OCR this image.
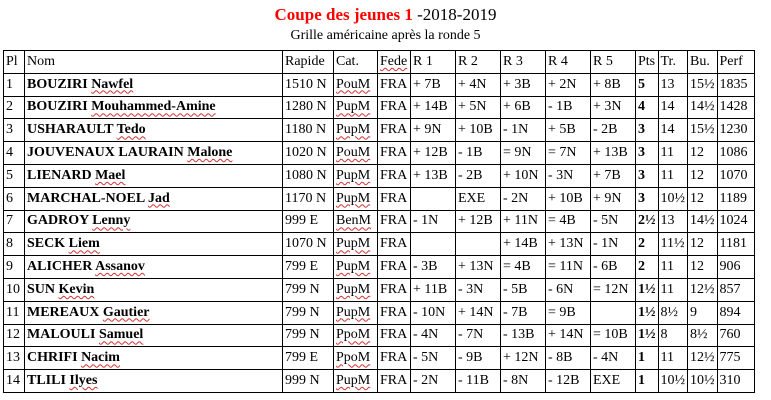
Coupe des jeunes 1 -2018-2019
Grille américaine après la ronde 5
Pl	Nom	Rapide	Cat.	Fede	R 1	R 2	R 3	R 4	R 5	Pts	Tr.	Bu.	Perf
1	BOUZIRI Nawfel	1510 N	PouM	FRA	+ 7B	+ 4N	+ 3B	+ 2N	+ 8B	5	13	15½	1835
2	BOUZIRI Mouhammed-Amine	1280 N	PupM	FRA	+ 14B	+ 5N	+ 6B	- 1B	+ 3N	4	14	14½	1428
3	USHARAULT Tedo	1180 N	PupM	FRA	+ 9N	+ 10B	- 1N	+ 5B	- 2B	3	14	15½	1230
4	JOUVENAUX LAURAIN Malone	1020 N	PouM	FRA	+ 12B	- 1B	= 9N	= 7N	+ 13B	3	11	12	1086
5	LIENARD Mael	1080 N	PupM	FRA	+ 13B	- 2B	+ 10N	- 3N	+ 7B	3	11	12	1070
6	MARCHAL-NOEL Jad	1170 N	PupM	FRA		EXE	- 2N	+ 10B	+ 9N	3	10½	12	1189
7	GADROY Lenny	999 E	BenM	FRA	- 1N	+ 12B	+ 11N	= 4B	- 5N	2½	13	14½	1024
8	SECK Liem	1070 N	PupM	FRA			+ 14B	+ 13N	- 1N	2	11½	12	1181
9	ALICHER Assanov	799 E	PupM	FRA	- 3B	+ 13N	= 4B	= 11N	- 6B	2	11	12	906
10	SUN Kevin	799 N	PupM	FRA	+ 11B	- 3N	- 5B	- 6N	= 12N	1½	11	12½	857
11	MEREAUX Gautier	799 N	PupM	FRA	- 10N	+ 14N	- 7B	= 9B		1½	8½	9	894
12	MALOULI Samuel	799 N	PpoM	FRA	- 4N	- 7N	- 13B	+ 14N	= 10B	1½	8	8½	760
13	CHRIFI Nacim	799 E	PpoM	FRA	- 5N	- 9B	+ 12N	- 8B	- 4N	1	11	12½	775
14	TLILI Ilyes	999 N	PupM	FRA	- 2N	- 11B	- 8N	- 12B	EXE	1	10½	10½	310
